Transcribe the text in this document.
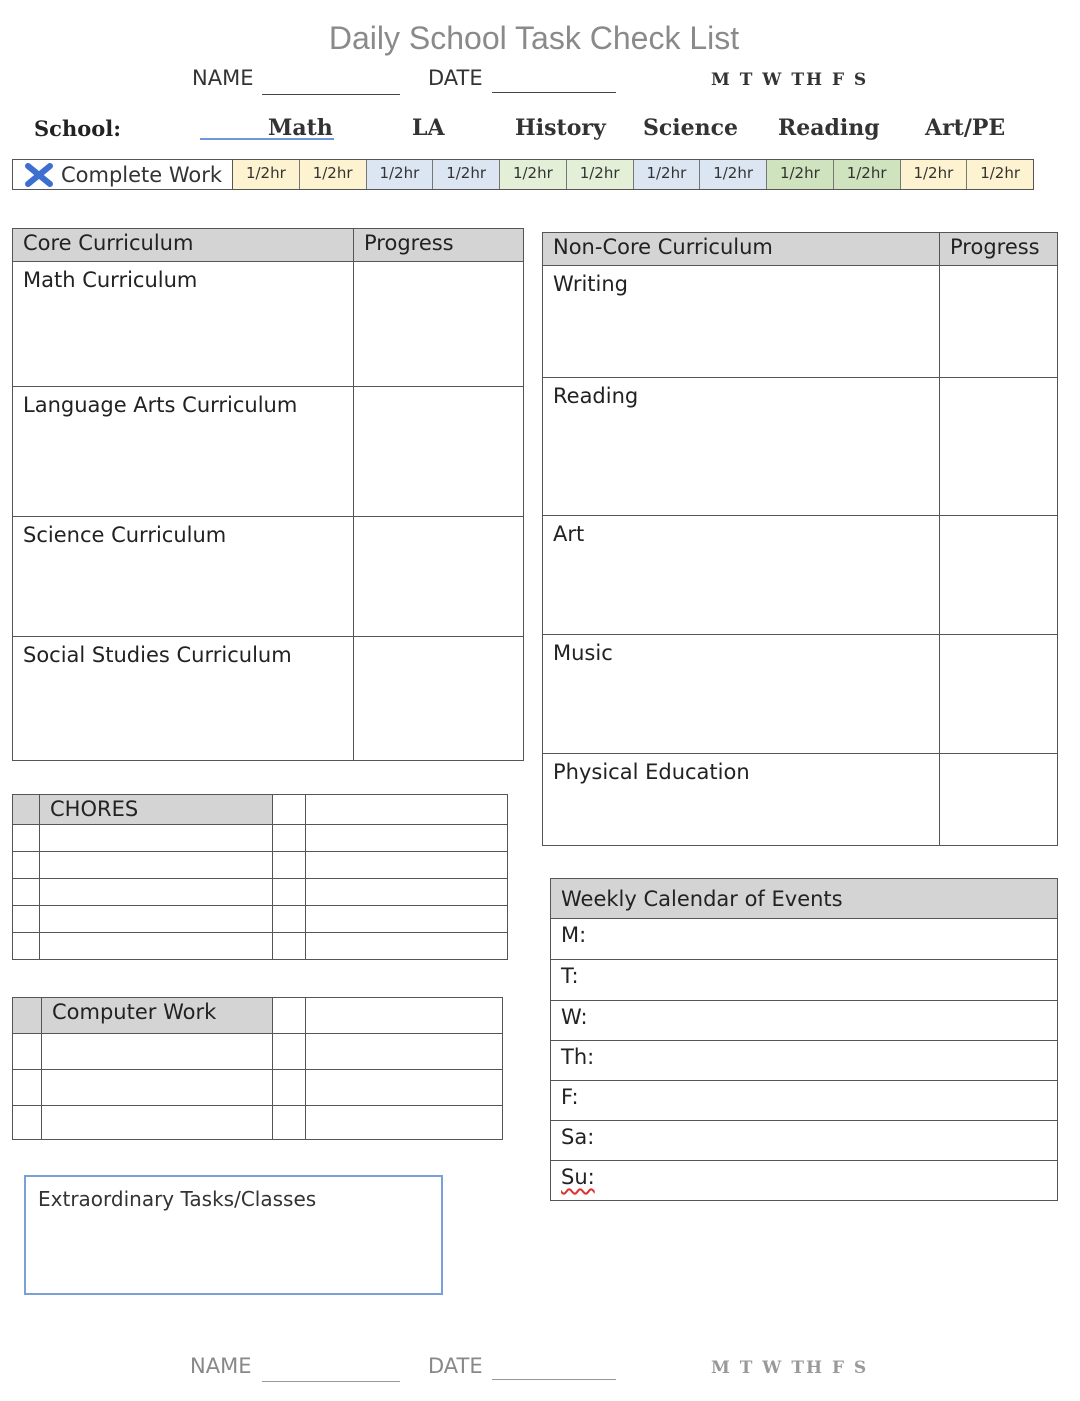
Daily School Task Check List
NAME	DATE	M T W TH F S
School:	Math	LA	History Science Reading Art/PE
Complete Work	1/2hr	1/2hr	1/2hr	1/2hr	1/2hr	1/2hr	1/2hr	1/2hr	1/2hr	1/2hr	1/2hr	1/2hr
Core Curriculum	Progress
Math Curriculum	
Language Arts Curriculum	
Science Curriculum	
Social Studies Curriculum	
Non-Core Curriculum	Progress
Writing	
Reading	
Art	
Music	
Physical Education	
	CHORES		

	Computer Work		

Weekly Calendar of Events
M:
T:
W:
Th:
F:
Sa:
Su:
Extraordinary Tasks/Classes
NAME	DATE	M T W TH F S
